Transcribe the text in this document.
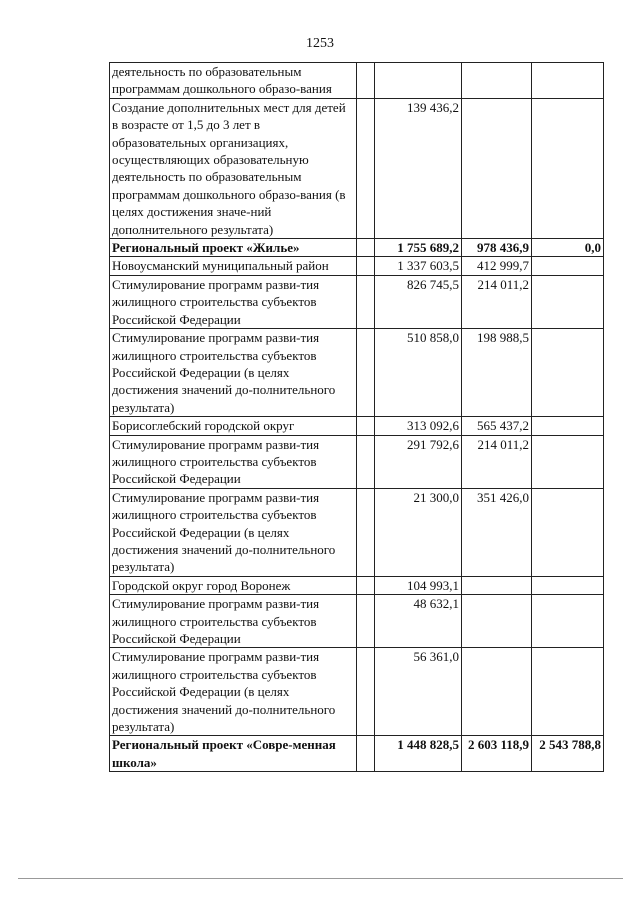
1253
деятельность по образовательным программам дошкольного образо-вания				
Создание дополнительных мест для детей в возрасте от 1,5 до 3 лет в образовательных организациях, осуществляющих образовательную деятельность по образовательным программам дошкольного образо-вания (в целях достижения значе-ний дополнительного результата)		139 436,2		
Региональный проект «Жилье»		1 755 689,2	978 436,9	0,0
Новоусманский муниципальный район		1 337 603,5	412 999,7	
Стимулирование программ разви-тия жилищного строительства субъектов Российской Федерации		826 745,5	214 011,2	
Стимулирование программ разви-тия жилищного строительства субъектов Российской Федерации (в целях достижения значений до-полнительного результата)		510 858,0	198 988,5	
Борисоглебский городской округ		313 092,6	565 437,2	
Стимулирование программ разви-тия жилищного строительства субъектов Российской Федерации		291 792,6	214 011,2	
Стимулирование программ разви-тия жилищного строительства субъектов Российской Федерации (в целях достижения значений до-полнительного результата)		21 300,0	351 426,0	
Городской округ город Воронеж		104 993,1		
Стимулирование программ разви-тия жилищного строительства субъектов Российской Федерации		48 632,1		
Стимулирование программ разви-тия жилищного строительства субъектов Российской Федерации (в целях достижения значений до-полнительного результата)		56 361,0		
Региональный проект «Совре-менная школа»		1 448 828,5	2 603 118,9	2 543 788,8
